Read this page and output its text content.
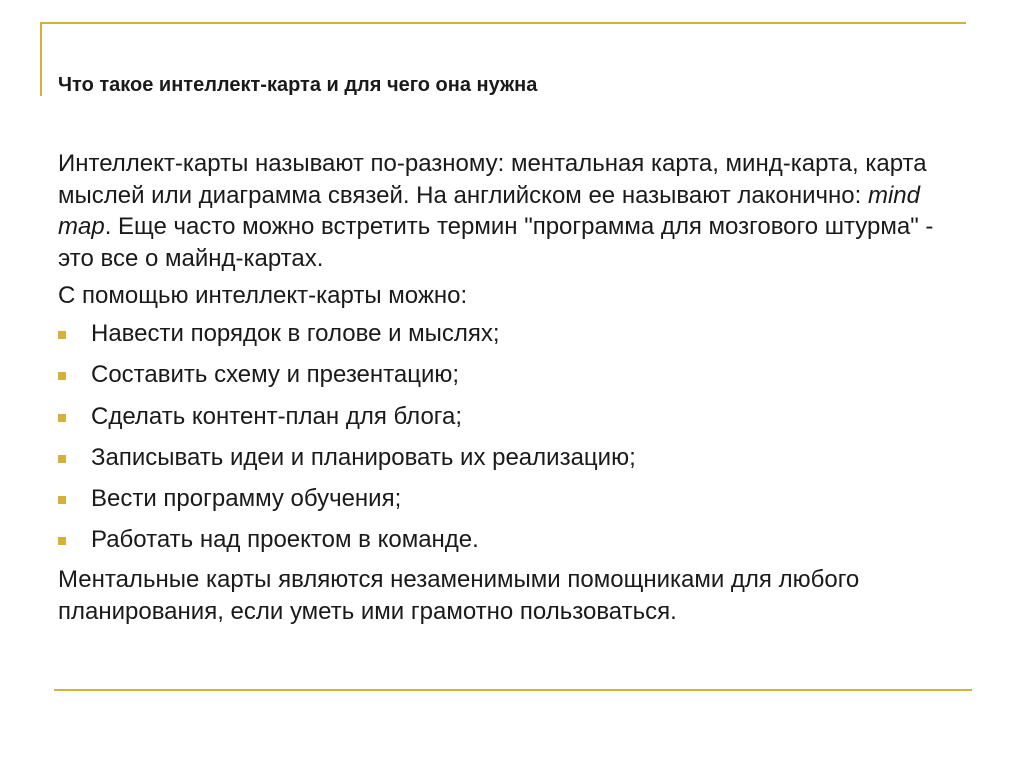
Что такое интеллект-карта и для чего она нужна

Интеллект-карты называют по-разному: ментальная карта, минд-карта, карта мыслей или диаграмма связей. На английском ее называют лаконично: mind map. Еще часто можно встретить термин "программа для мозгового штурма" - это все о майнд-картах.

С помощью интеллект-карты можно:

Навести порядок в голове и мыслях;
Составить схему и презентацию;
Сделать контент-план для блога;
Записывать идеи и планировать их реализацию;
Вести программу обучения;
Работать над проектом в команде.

Ментальные карты являются незаменимыми помощниками для любого планирования, если уметь ими грамотно пользоваться.
